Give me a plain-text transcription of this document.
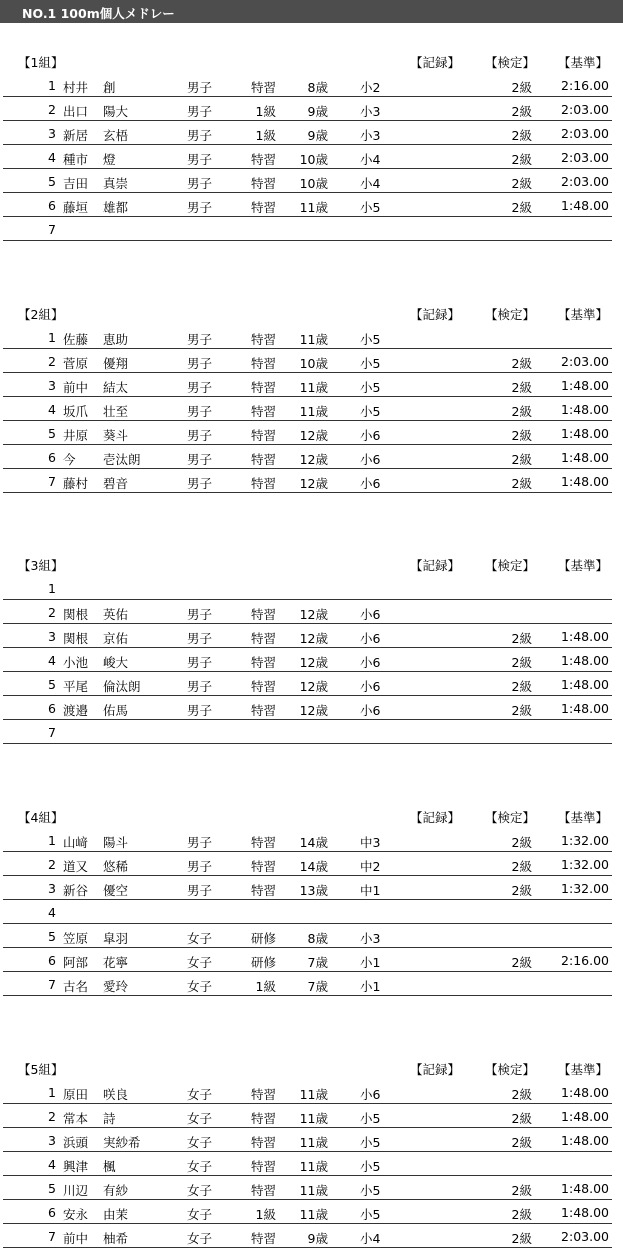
NO.1 100m個人メドレー
【1組】	【記録】 【検定】 【基準】
1 村井 創	男子	特習	8歳	小2	2級	2:16.00
2 出口 陽大	男子	1級	9歳	小3	2級	2:03.00
3 新居 玄梧	男子	1級	9歳	小3	2級	2:03.00
4 種市 燈	男子	特習	10歳	小4	2級	2:03.00
5 吉田 真崇	男子	特習	10歳	小4	2級	2:03.00
6 藤垣 雄都	男子	特習	11歳	小5	2級	1:48.00
7
【2組】	【記録】 【検定】 【基準】
1 佐藤 恵助	男子	特習	11歳	小5
2 菅原 優翔	男子	特習	10歳	小5	2級	2:03.00
3 前中 結太	男子	特習	11歳	小5	2級	1:48.00
4 坂爪 壮至	男子	特習	11歳	小5	2級	1:48.00
5 井原 葵斗	男子	特習	12歳	小6	2級	1:48.00
6 今 壱汰朗	男子	特習	12歳	小6	2級	1:48.00
7 藤村 碧音	男子	特習	12歳	小6	2級	1:48.00
【3組】	【記録】 【検定】 【基準】
1
2 関根 英佑	男子	特習	12歳	小6
3 関根 京佑	男子	特習	12歳	小6	2級	1:48.00
4 小池 峻大	男子	特習	12歳	小6	2級	1:48.00
5 平尾 倫汰朗	男子	特習	12歳	小6	2級	1:48.00
6 渡邉 佑馬	男子	特習	12歳	小6	2級	1:48.00
7
【4組】	【記録】 【検定】 【基準】
1 山﨑 陽斗	男子	特習	14歳	中3	2級	1:32.00
2 道又 悠稀	男子	特習	14歳	中2	2級	1:32.00
3 新谷 優空	男子	特習	13歳	中1	2級	1:32.00
4
5 笠原 皐羽	女子	研修	8歳	小3
6 阿部 花寧	女子	研修	7歳	小1	2級	2:16.00
7 古名 愛玲	女子	1級	7歳	小1
【5組】	【記録】 【検定】 【基準】
1 原田 咲良	女子	特習	11歳	小6	2級	1:48.00
2 常本 詩	女子	特習	11歳	小5	2級	1:48.00
3 浜頭 実紗希	女子	特習	11歳	小5	2級	1:48.00
4 興津 楓	女子	特習	11歳	小5
5 川辺 有紗	女子	特習	11歳	小5	2級	1:48.00
6 安永 由茉	女子	1級	11歳	小5	2級	1:48.00
7 前中 柚希	女子	特習	9歳	小4	2級	2:03.00
